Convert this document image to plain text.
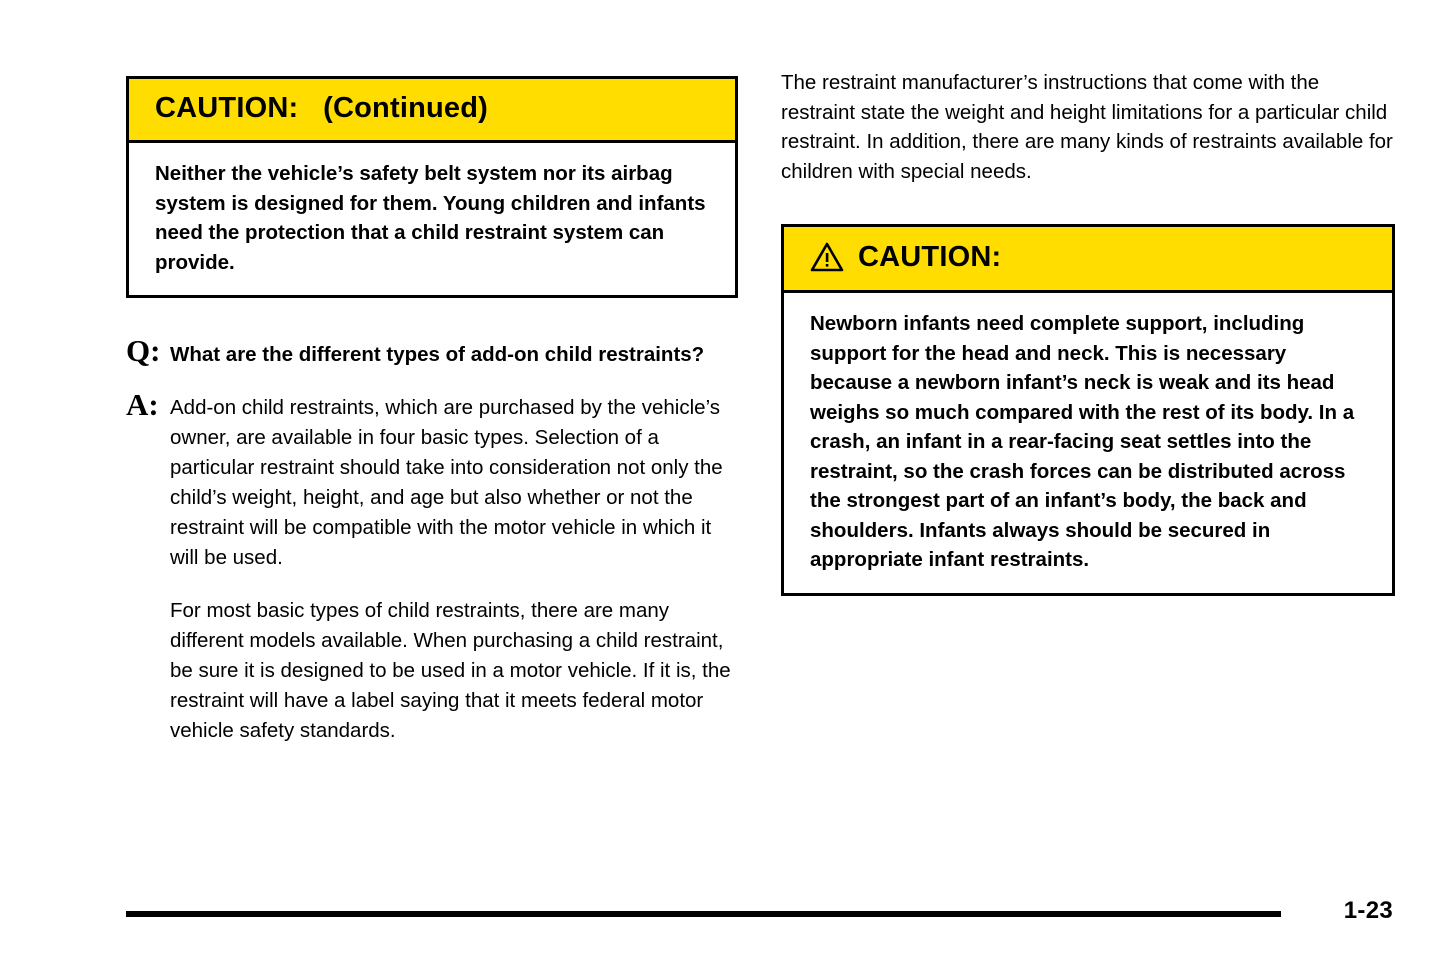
CAUTION:   (Continued)

Neither the vehicle’s safety belt system nor its airbag system is designed for them. Young children and infants need the protection that a child restraint system can provide.

Q: What are the different types of add-on child restraints?
A: Add-on child restraints, which are purchased by the vehicle’s owner, are available in four basic types. Selection of a particular restraint should take into consideration not only the child’s weight, height, and age but also whether or not the restraint will be compatible with the motor vehicle in which it will be used.

For most basic types of child restraints, there are many different models available. When purchasing a child restraint, be sure it is designed to be used in a motor vehicle. If it is, the restraint will have a label saying that it meets federal motor vehicle safety standards.

The restraint manufacturer’s instructions that come with the restraint state the weight and height limitations for a particular child restraint. In addition, there are many kinds of restraints available for children with special needs.

CAUTION:

Newborn infants need complete support, including support for the head and neck. This is necessary because a newborn infant’s neck is weak and its head weighs so much compared with the rest of its body. In a crash, an infant in a rear-facing seat settles into the restraint, so the crash forces can be distributed across the strongest part of an infant’s body, the back and shoulders. Infants always should be secured in appropriate infant restraints.

1-23
